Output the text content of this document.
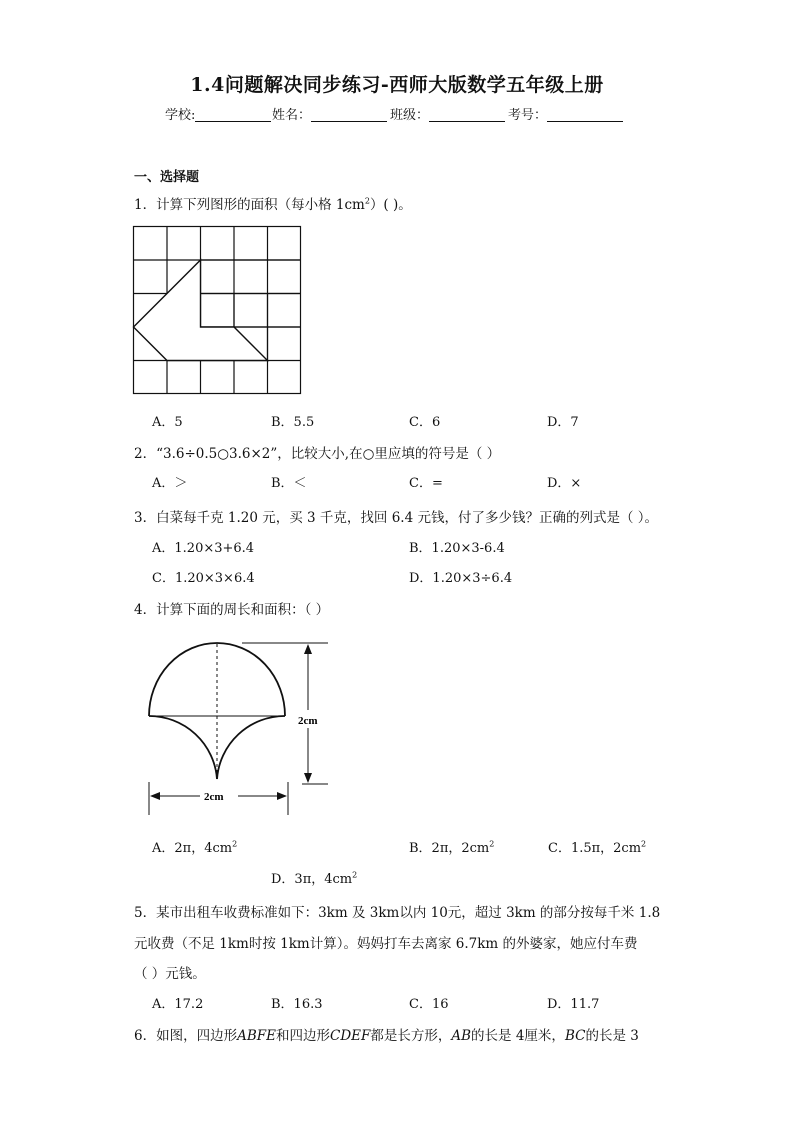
1.4问题解决同步练习-西师大版数学五年级上册
学校:	姓名：	班级：	考号：
一、选择题
1．计算下列图形的面积（每小格 $1cm^2$）( )。
A．5	B．5.5	C．6	D．7
2．“3.6÷0.5○3.6×2”，比较大小,在○里应填的符号是（ ）
A．＞	B．＜	C．=	D．×
3．白菜每千克 1.20 元，买 3 千克，找回 6.4 元钱，付了多少钱？正确的列式是（ ）。
A．1.20×3+6.4	B．1.20×3-6.4
C．1.20×3×6.4	D．1.20×3÷6.4
4．计算下面的周长和面积：（ ）
2cm
2cm
A．2π，$4cm^2$	B．2π，$2cm^2$	C．1.5π，$2cm^2$
D．3π，$4cm^2$
5．某市出租车收费标准如下：3km 及 3km以内 10元，超过 3km 的部分按每千米 1.8
元收费（不足 1km时按 1km计算）。妈妈打车去离家 6.7km 的外婆家，她应付车费
（ ）元钱。
A．17.2	B．16.3	C．16	D．11.7
6．如图，四边形ABFE和四边形CDEF都是长方形，AB的长是 4厘米，BC的长是 3
